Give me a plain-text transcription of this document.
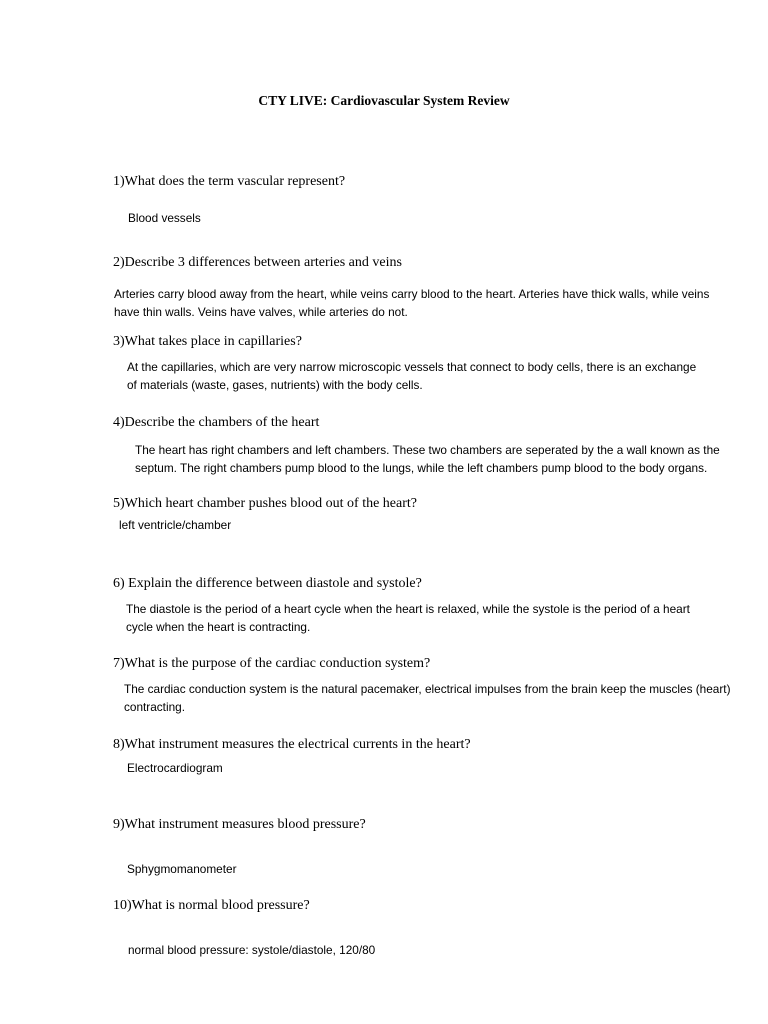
CTY LIVE: Cardiovascular System Review
1)What does the term vascular represent?
Blood vessels
2)Describe 3 differences between arteries and veins
Arteries carry blood away from the heart, while veins carry blood to the heart. Arteries have thick walls, while veins have thin walls. Veins have valves, while arteries do not.
3)What takes place in capillaries?
At the capillaries, which are very narrow microscopic vessels that connect to body cells, there is an exchange of materials (waste, gases, nutrients) with the body cells.
4)Describe the chambers of the heart
The heart has right chambers and left chambers. These two chambers are seperated by the a wall known as the septum. The right chambers pump blood to the lungs, while the left chambers pump blood to the body organs.
5)Which heart chamber pushes blood out of the heart?
left ventricle/chamber
6) Explain the difference between diastole and systole?
The diastole is the period of a heart cycle when the heart is relaxed, while the systole is the period of a heart cycle when the heart is contracting.
7)What is the purpose of the cardiac conduction system?
The cardiac conduction system is the natural pacemaker, electrical impulses from the brain keep the muscles (heart) contracting.
8)What instrument measures the electrical currents in the heart?
Electrocardiogram
9)What instrument measures blood pressure?
Sphygmomanometer
10)What is normal blood pressure?
normal blood pressure: systole/diastole, 120/80
